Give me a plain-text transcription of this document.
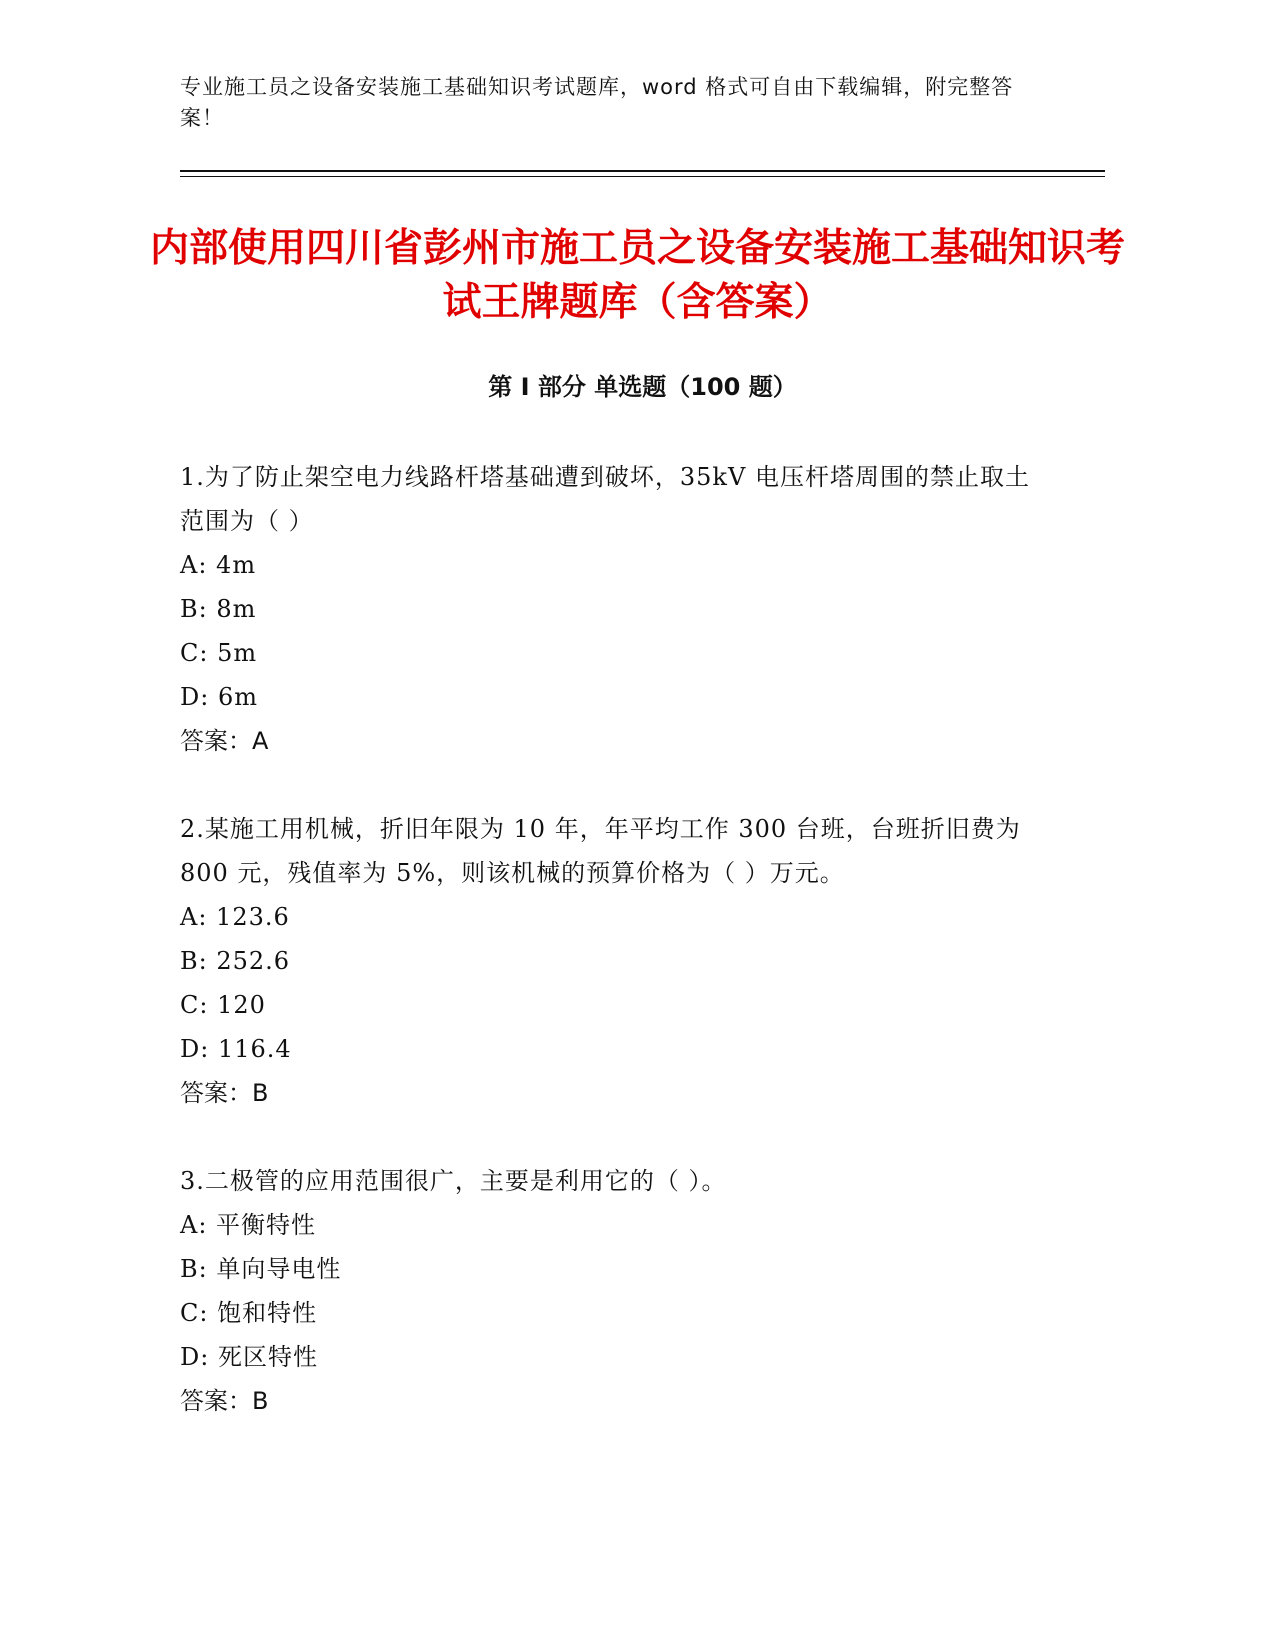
专业施工员之设备安装施工基础知识考试题库，word 格式可自由下载编辑，附完整答案！
内部使用四川省彭州市施工员之设备安装施工基础知识考试王牌题库（含答案）
第 I 部分 单选题（100 题）
1.为了防止架空电力线路杆塔基础遭到破坏，35kV 电压杆塔周围的禁止取土范围为（ ）
A: 4m
B: 8m
C: 5m
D: 6m
答案：A
2.某施工用机械，折旧年限为 10 年，年平均工作 300 台班，台班折旧费为 800 元，残值率为 5%，则该机械的预算价格为（ ）万元。
A: 123.6
B: 252.6
C: 120
D: 116.4
答案：B
3.二极管的应用范围很广，主要是利用它的（ ）。
A: 平衡特性
B: 单向导电性
C: 饱和特性
D: 死区特性
答案：B
